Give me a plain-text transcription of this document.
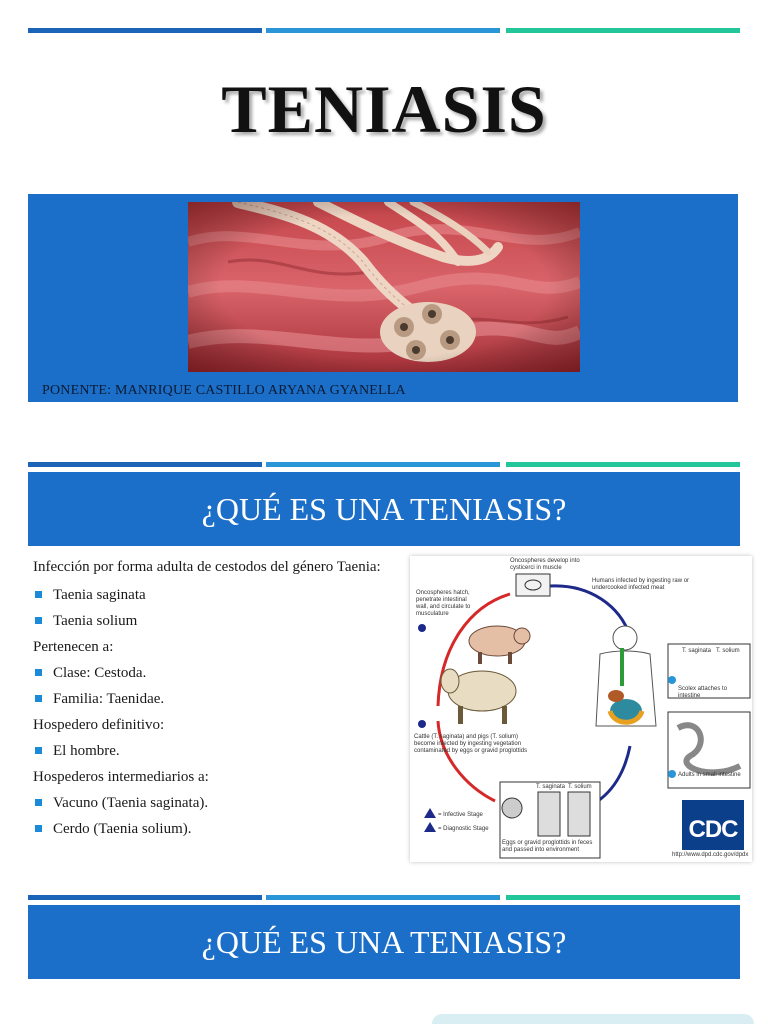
TENIASIS
PONENTE: MANRIQUE CASTILLO ARYANA GYANELLA
¿QUÉ ES UNA TENIASIS?
Infección por forma adulta de cestodos del género Taenia:
Taenia saginata
Taenia solium
Pertenecen a:
Clase: Cestoda.
Familia: Taenidae.
Hospedero definitivo:
El hombre.
Hospederos intermediarios a:
Vacuno (Taenia saginata).
Cerdo (Taenia solium).
Oncospheres develop into cysticerci in muscle
Humans infected by ingesting raw or undercooked infected meat
Oncospheres hatch, penetrate intestinal wall, and circulate to musculature
Cattle (T. saginata) and pigs (T. solium) become infected by ingesting vegetation contaminated by eggs or gravid proglottids
T. saginata T. solium
Scolex attaches to intestine
Adults in small intestine
= Infective Stage
= Diagnostic Stage
T. saginata T. solium
Eggs or gravid proglottids in feces and passed into environment
CDC
http://www.dpd.cdc.gov/dpdx
¿QUÉ ES UNA TENIASIS?
